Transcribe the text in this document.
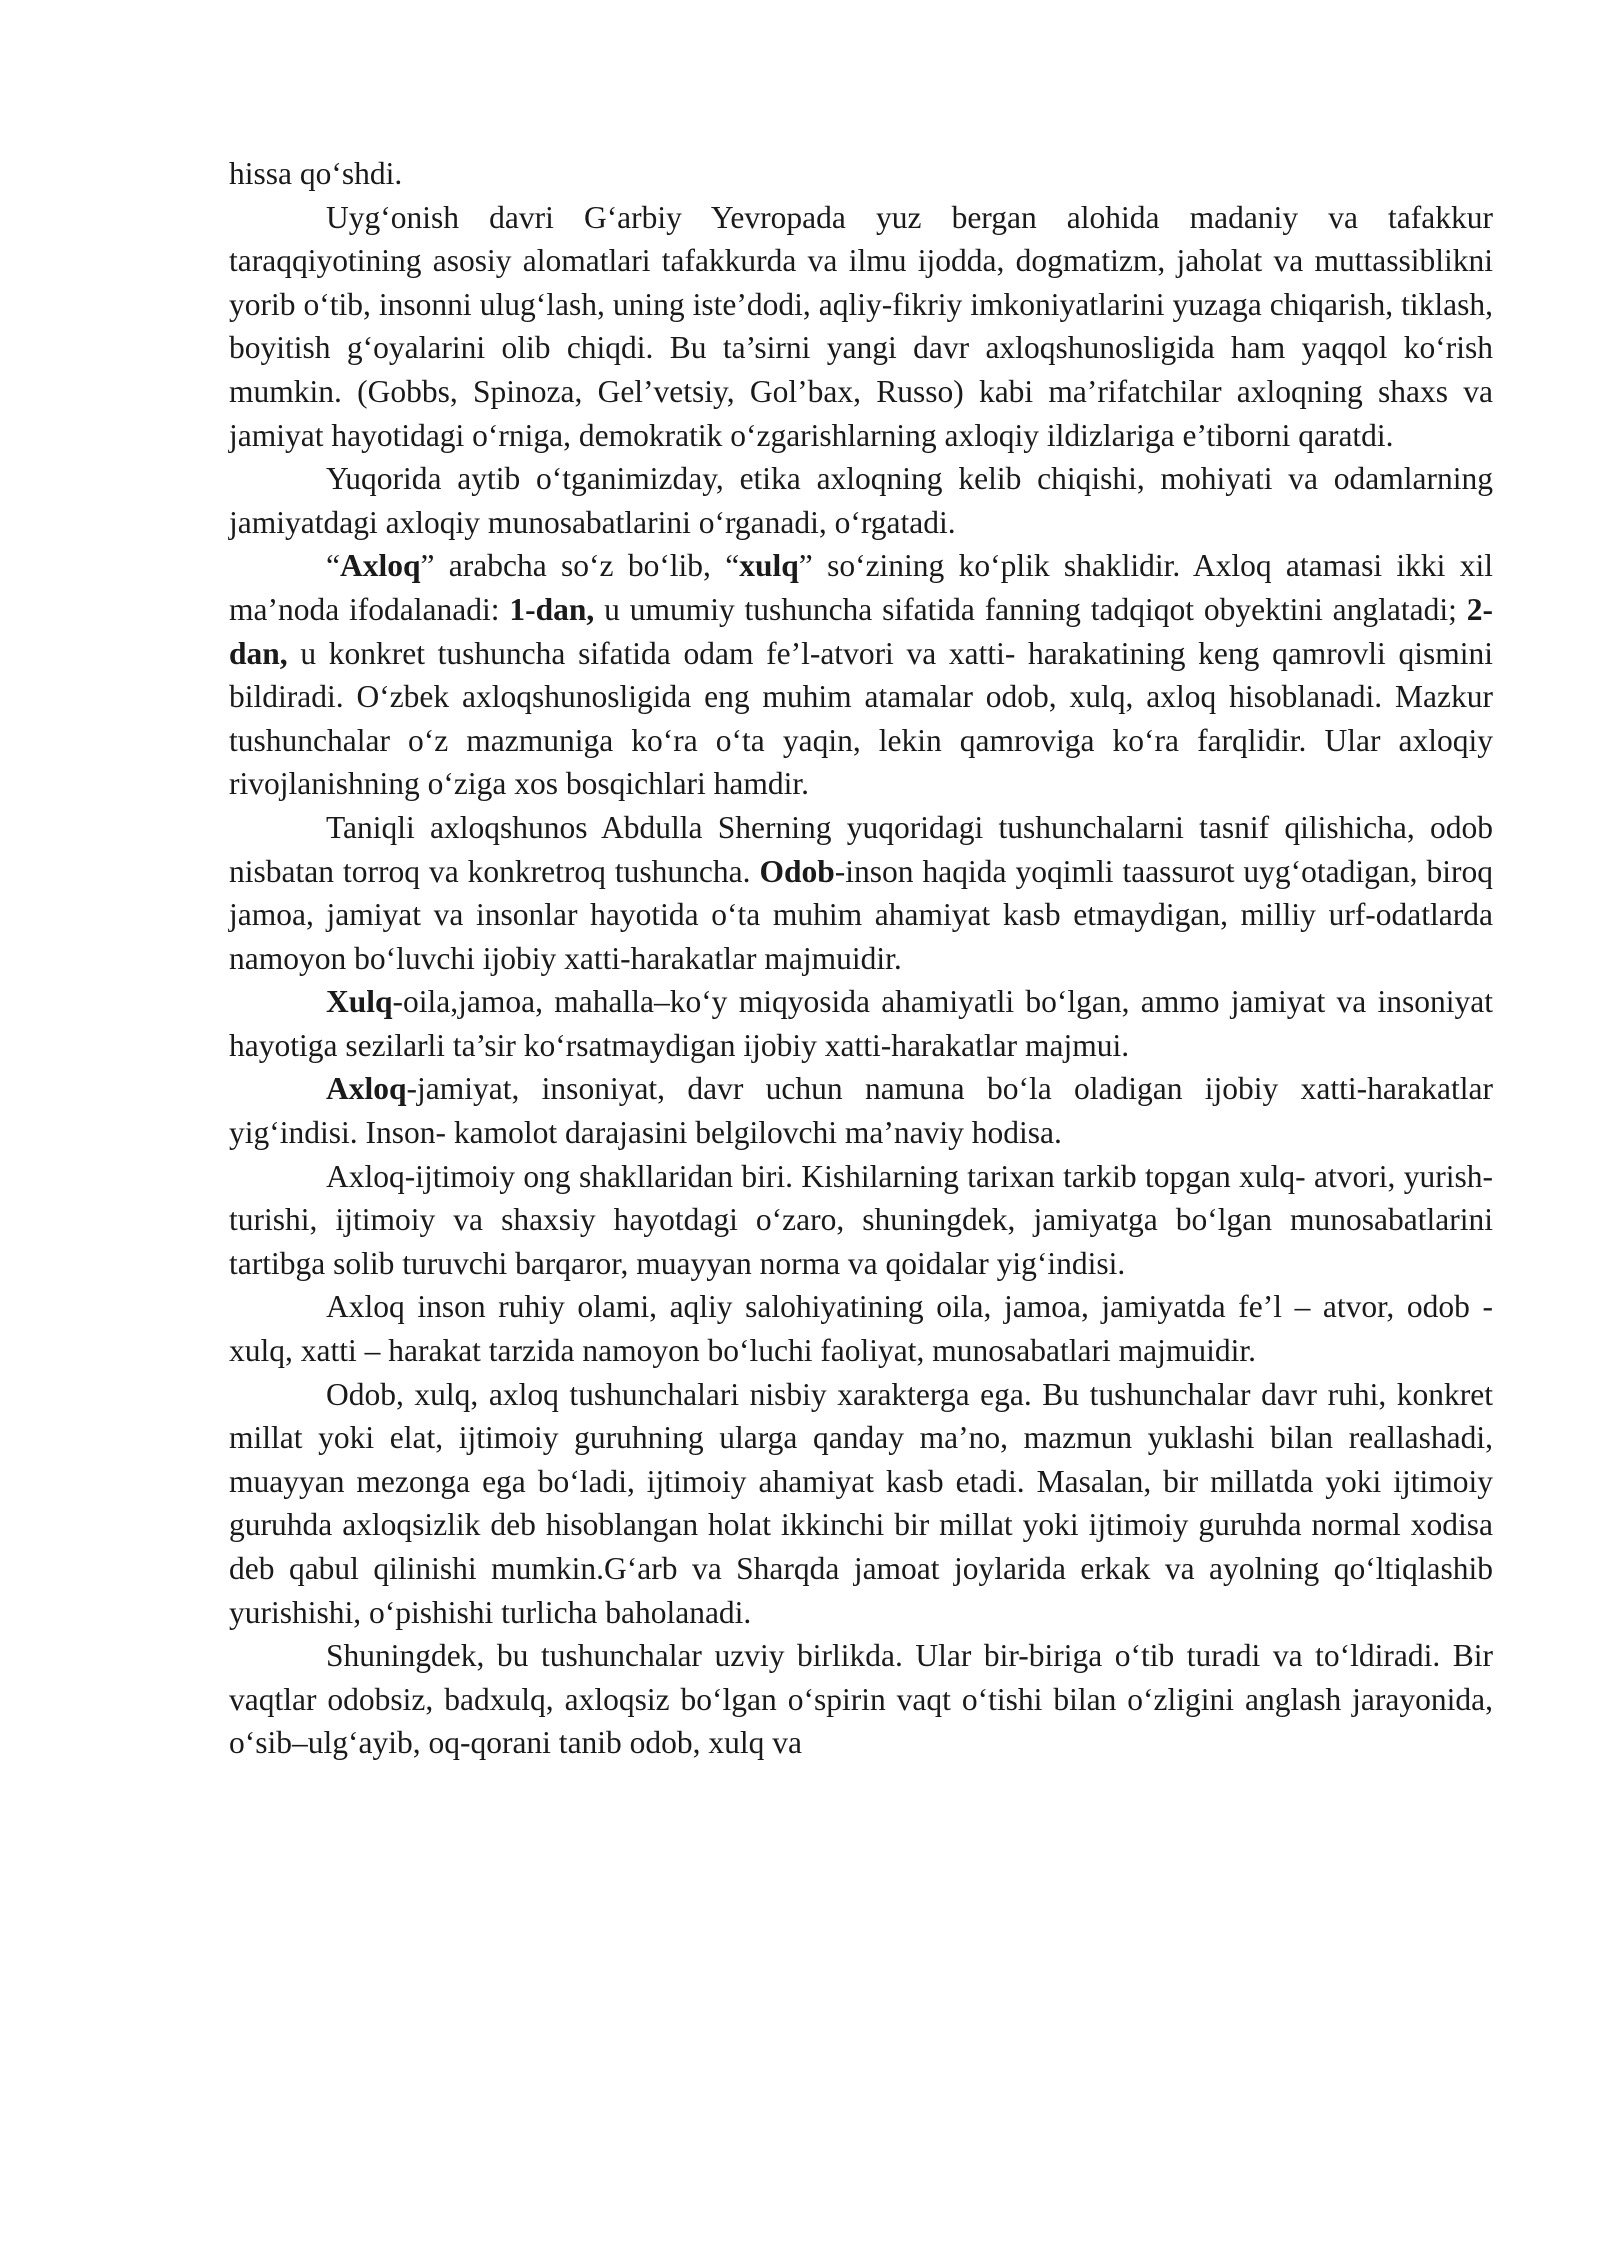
hissa qo‘shdi.

Uyg‘onish davri G‘arbiy Yevropada yuz bergan alohida madaniy va tafakkur taraqqiyotining asosiy alomatlari tafakkurda va ilmu ijodda, dogmatizm, jaholat va muttassiblikni yorib o‘tib, insonni ulug‘lash, uning iste’dodi, aqliy-fikriy imkoniyatlarini yuzaga chiqarish, tiklash, boyitish g‘oyalarini olib chiqdi. Bu ta’sirni yangi davr axloqshunosligida ham yaqqol ko‘rish mumkin. (Gobbs, Spinoza, Gel’vetsiy, Gol’bax, Russo) kabi ma’rifatchilar axloqning shaxs va jamiyat hayotidagi o‘rniga, demokratik o‘zgarishlarning axloqiy ildizlariga e’tiborni qaratdi.

Yuqorida aytib o‘tganimizday, etika axloqning kelib chiqishi, mohiyati va odamlarning jamiyatdagi axloqiy munosabatlarini o‘rganadi, o‘rgatadi.

“Axloq” arabcha so‘z bo‘lib, “xulq” so‘zining ko‘plik shaklidir. Axloq atamasi ikki xil ma’noda ifodalanadi: 1-dan, u umumiy tushuncha sifatida fanning tadqiqot obyektini anglatadi; 2-dan, u konkret tushuncha sifatida odam fe’l-atvori va xatti- harakatining keng qamrovli qismini bildiradi. O‘zbek axloqshunosligida eng muhim atamalar odob, xulq, axloq hisoblanadi. Mazkur tushunchalar o‘z mazmuniga ko‘ra o‘ta yaqin, lekin qamroviga ko‘ra farqlidir. Ular axloqiy rivojlanishning o‘ziga xos bosqichlari hamdir.

Taniqli axloqshunos Abdulla Sherning yuqoridagi tushunchalarni tasnif qilishicha, odob nisbatan torroq va konkretroq tushuncha. Odob-inson haqida yoqimli taassurot uyg‘otadigan, biroq jamoa, jamiyat va insonlar hayotida o‘ta muhim ahamiyat kasb etmaydigan, milliy urf-odatlarda namoyon bo‘luvchi ijobiy xatti-harakatlar majmuidir.

Xulq-oila,jamoa, mahalla–ko‘y miqyosida ahamiyatli bo‘lgan, ammo jamiyat va insoniyat hayotiga sezilarli ta’sir ko‘rsatmaydigan ijobiy xatti-harakatlar majmui.

Axloq-jamiyat, insoniyat, davr uchun namuna bo‘la oladigan ijobiy xatti-harakatlar yig‘indisi. Inson- kamolot darajasini belgilovchi ma’naviy hodisa.

Axloq-ijtimoiy ong shakllaridan biri. Kishilarning tarixan tarkib topgan xulq- atvori, yurish-turishi, ijtimoiy va shaxsiy hayotdagi o‘zaro, shuningdek, jamiyatga bo‘lgan munosabatlarini tartibga solib turuvchi barqaror, muayyan norma va qoidalar yig‘indisi.

Axloq inson ruhiy olami, aqliy salohiyatining oila, jamoa, jamiyatda fe’l – atvor, odob - xulq, xatti – harakat tarzida namoyon bo‘luchi faoliyat, munosabatlari majmuidir.

Odob, xulq, axloq tushunchalari nisbiy xarakterga ega. Bu tushunchalar davr ruhi, konkret millat yoki elat, ijtimoiy guruhning ularga qanday ma’no, mazmun yuklashi bilan reallashadi, muayyan mezonga ega bo‘ladi, ijtimoiy ahamiyat kasb etadi. Masalan, bir millatda yoki ijtimoiy guruhda axloqsizlik deb hisoblangan holat ikkinchi bir millat yoki ijtimoiy guruhda normal xodisa deb qabul qilinishi mumkin.G‘arb va Sharqda jamoat joylarida erkak va ayolning qo‘ltiqlashib yurishishi, o‘pishishi turlicha baholanadi.

Shuningdek, bu tushunchalar uzviy birlikda. Ular bir-biriga o‘tib turadi va to‘ldiradi. Bir vaqtlar odobsiz, badxulq, axloqsiz bo‘lgan o‘spirin vaqt o‘tishi bilan o‘zligini anglash jarayonida, o‘sib–ulg‘ayib, oq-qorani tanib odob, xulq va
